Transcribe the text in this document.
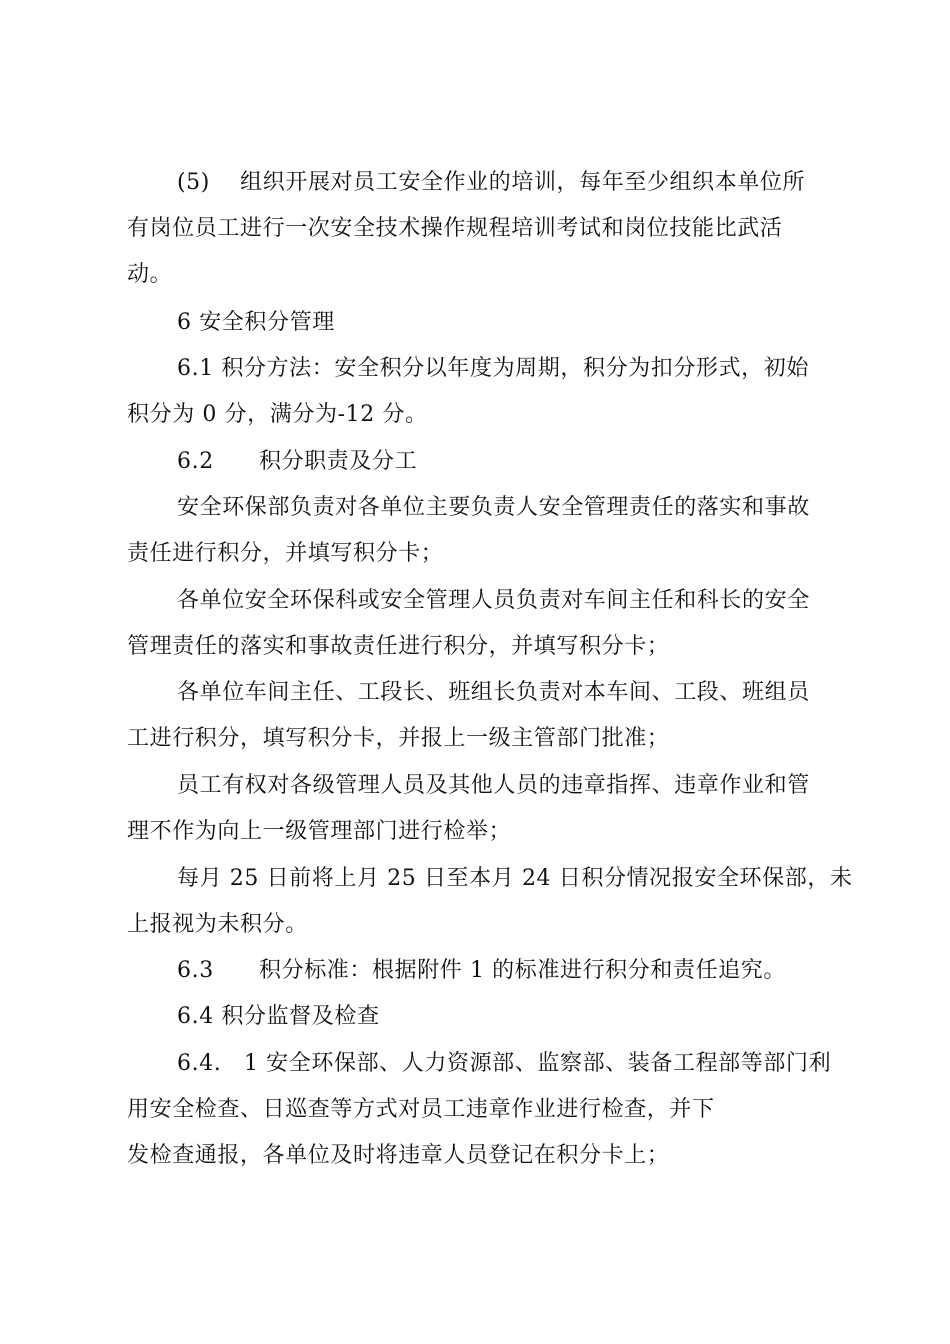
(5)　 组织开展对员工安全作业的培训，每年至少组织本单位所
有岗位员工进行一次安全技术操作规程培训考试和岗位技能比武活
动。
6 安全积分管理
6.1 积分方法：安全积分以年度为周期，积分为扣分形式，初始
积分为 0 分，满分为-12 分。
6.2　　积分职责及分工
安全环保部负责对各单位主要负责人安全管理责任的落实和事故
责任进行积分，并填写积分卡；
各单位安全环保科或安全管理人员负责对车间主任和科长的安全
管理责任的落实和事故责任进行积分，并填写积分卡；
各单位车间主任、工段长、班组长负责对本车间、工段、班组员
工进行积分，填写积分卡，并报上一级主管部门批准；
员工有权对各级管理人员及其他人员的违章指挥、违章作业和管
理不作为向上一级管理部门进行检举；
每月 25 日前将上月 25 日至本月 24 日积分情况报安全环保部，未
上报视为未积分。
6.3　　积分标准：根据附件 1 的标准进行积分和责任追究。
6.4 积分监督及检查
6.4.　1 安全环保部、人力资源部、监察部、装备工程部等部门利
用安全检查、日巡查等方式对员工违章作业进行检查，并下
发检查通报，各单位及时将违章人员登记在积分卡上；
